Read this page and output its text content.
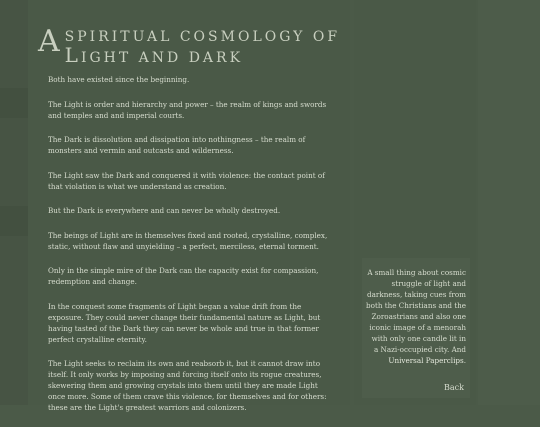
A SPIRITUAL COSMOLOGY OF
LIGHT AND DARK

Both have existed since the beginning.

The Light is order and hierarchy and power – the realm of kings and swords and temples and and imperial courts.

The Dark is dissolution and dissipation into nothingness – the realm of monsters and vermin and outcasts and wilderness.

The Light saw the Dark and conquered it with violence: the contact point of that violation is what we understand as creation.

But the Dark is everywhere and can never be wholly destroyed.

The beings of Light are in themselves fixed and rooted, crystalline, complex, static, without flaw and unyielding – a perfect, merciless, eternal torment.

Only in the simple mire of the Dark can the capacity exist for compassion, redemption and change.

In the conquest some fragments of Light began a value drift from the exposure. They could never change their fundamental nature as Light, but having tasted of the Dark they can never be whole and true in that former perfect crystalline eternity.

The Light seeks to reclaim its own and reabsorb it, but it cannot draw into itself. It only works by imposing and forcing itself onto its rogue creatures, skewering them and growing crystals into them until they are made Light once more. Some of them crave this violence, for themselves and for others: these are the Light's greatest warriors and colonizers.

A small thing about cosmic struggle of light and darkness, taking cues from both the Christians and the Zoroastrians and also one iconic image of a menorah with only one candle lit in a Nazi-occupied city. And Universal Paperclips.
Back
